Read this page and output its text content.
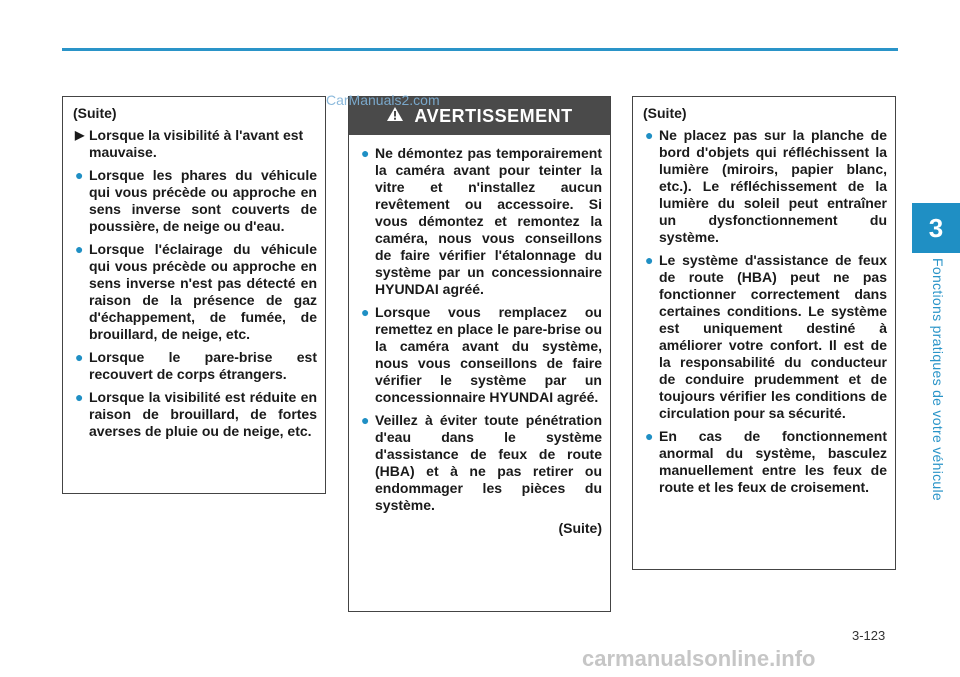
3
Fonctions pratiques de votre véhicule
(Suite)
▶ Lorsque la visibilité à l'avant est mauvaise.
● Lorsque les phares du véhicule qui vous précède ou approche en sens inverse sont couverts de poussière, de neige ou d'eau.
● Lorsque l'éclairage du véhicule qui vous précède ou approche en sens inverse n'est pas détecté en raison de la présence de gaz d'échappement, de fumée, de brouillard, de neige, etc.
● Lorsque le pare-brise est recouvert de corps étrangers.
● Lorsque la visibilité est réduite en raison de brouillard, de fortes averses de pluie ou de neige, etc.
AVERTISSEMENT
● Ne démontez pas temporairement la caméra avant pour teinter la vitre et n'installez aucun revêtement ou accessoire. Si vous démontez et remontez la caméra, nous vous conseillons de faire vérifier l'étalonnage du système par un concessionnaire HYUNDAI agréé.
● Lorsque vous remplacez ou remettez en place le pare-brise ou la caméra avant du système, nous vous conseillons de faire vérifier le système par un concessionnaire HYUNDAI agréé.
● Veillez à éviter toute pénétration d'eau dans le système d'assistance de feux de route (HBA) et à ne pas retirer ou endommager les pièces du système.
(Suite)
(Suite)
● Ne placez pas sur la planche de bord d'objets qui réfléchissent la lumière (miroirs, papier blanc, etc.). Le réfléchissement de la lumière du soleil peut entraîner un dysfonctionnement du système.
● Le système d'assistance de feux de route (HBA) peut ne pas fonctionner correctement dans certaines conditions. Le système est uniquement destiné à améliorer votre confort. Il est de la responsabilité du conducteur de conduire prudemment et de toujours vérifier les conditions de circulation pour sa sécurité.
● En cas de fonctionnement anormal du système, basculez manuellement entre les feux de route et les feux de croisement.
3-123
CarManuals2.com
carmanualsonline.info
